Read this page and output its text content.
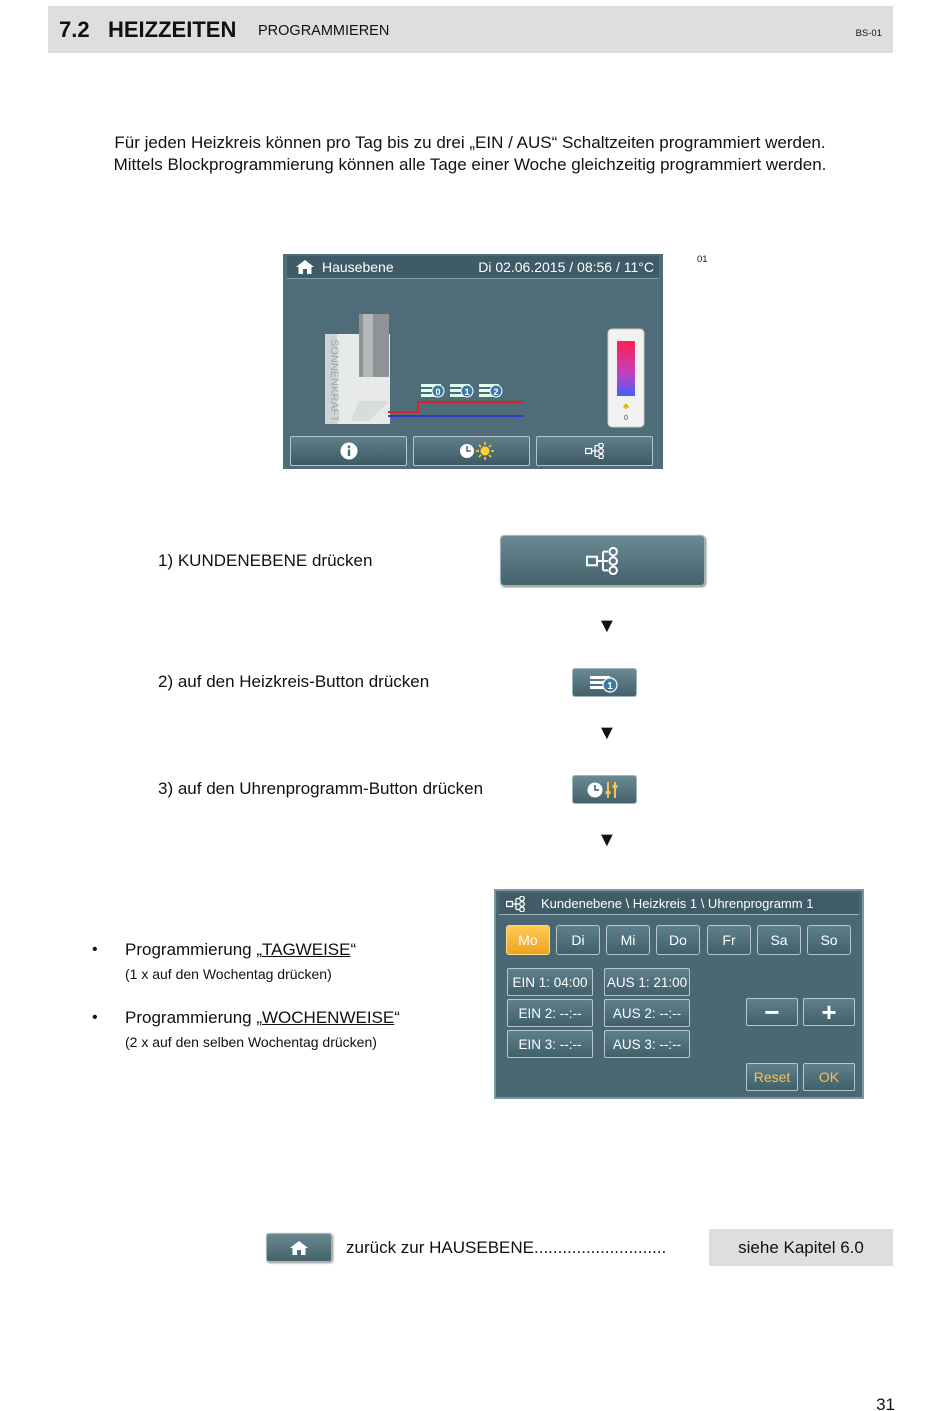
7.2 HEIZZEITEN PROGRAMMIEREN	BS-01
Für jeden Heizkreis können pro Tag bis zu drei „EIN / AUS“ Schaltzeiten programmiert werden.
Mittels Blockprogrammierung können alle Tage einer Woche gleichzeitig programmiert werden.
Hausebene	Di 02.06.2015 / 08:56 / 11°C
SONNENKRAFT	0	1	2
♣
0
01
1) KUNDENEBENE drücken
▼
2) auf den Heizkreis-Button drücken	1
▼
3) auf den Uhrenprogramm-Button drücken
▼
Kundenebene \ Heizkreis 1 \ Uhrenprogramm 1
Mo	Di	Mi	Do	Fr	Sa	So
EIN 1: 04:00	AUS 1: 21:00
EIN 2: --:--	AUS 2: --:--
EIN 3: --:--	AUS 3: --:--
−	+
Reset	OK
• Programmierung „TAGWEISE“
(1 x auf den Wochentag drücken)
• Programmierung „WOCHENWEISE“
(2 x auf den selben Wochentag drücken)
zurück zur HAUSEBENE............................	siehe Kapitel 6.0
31
